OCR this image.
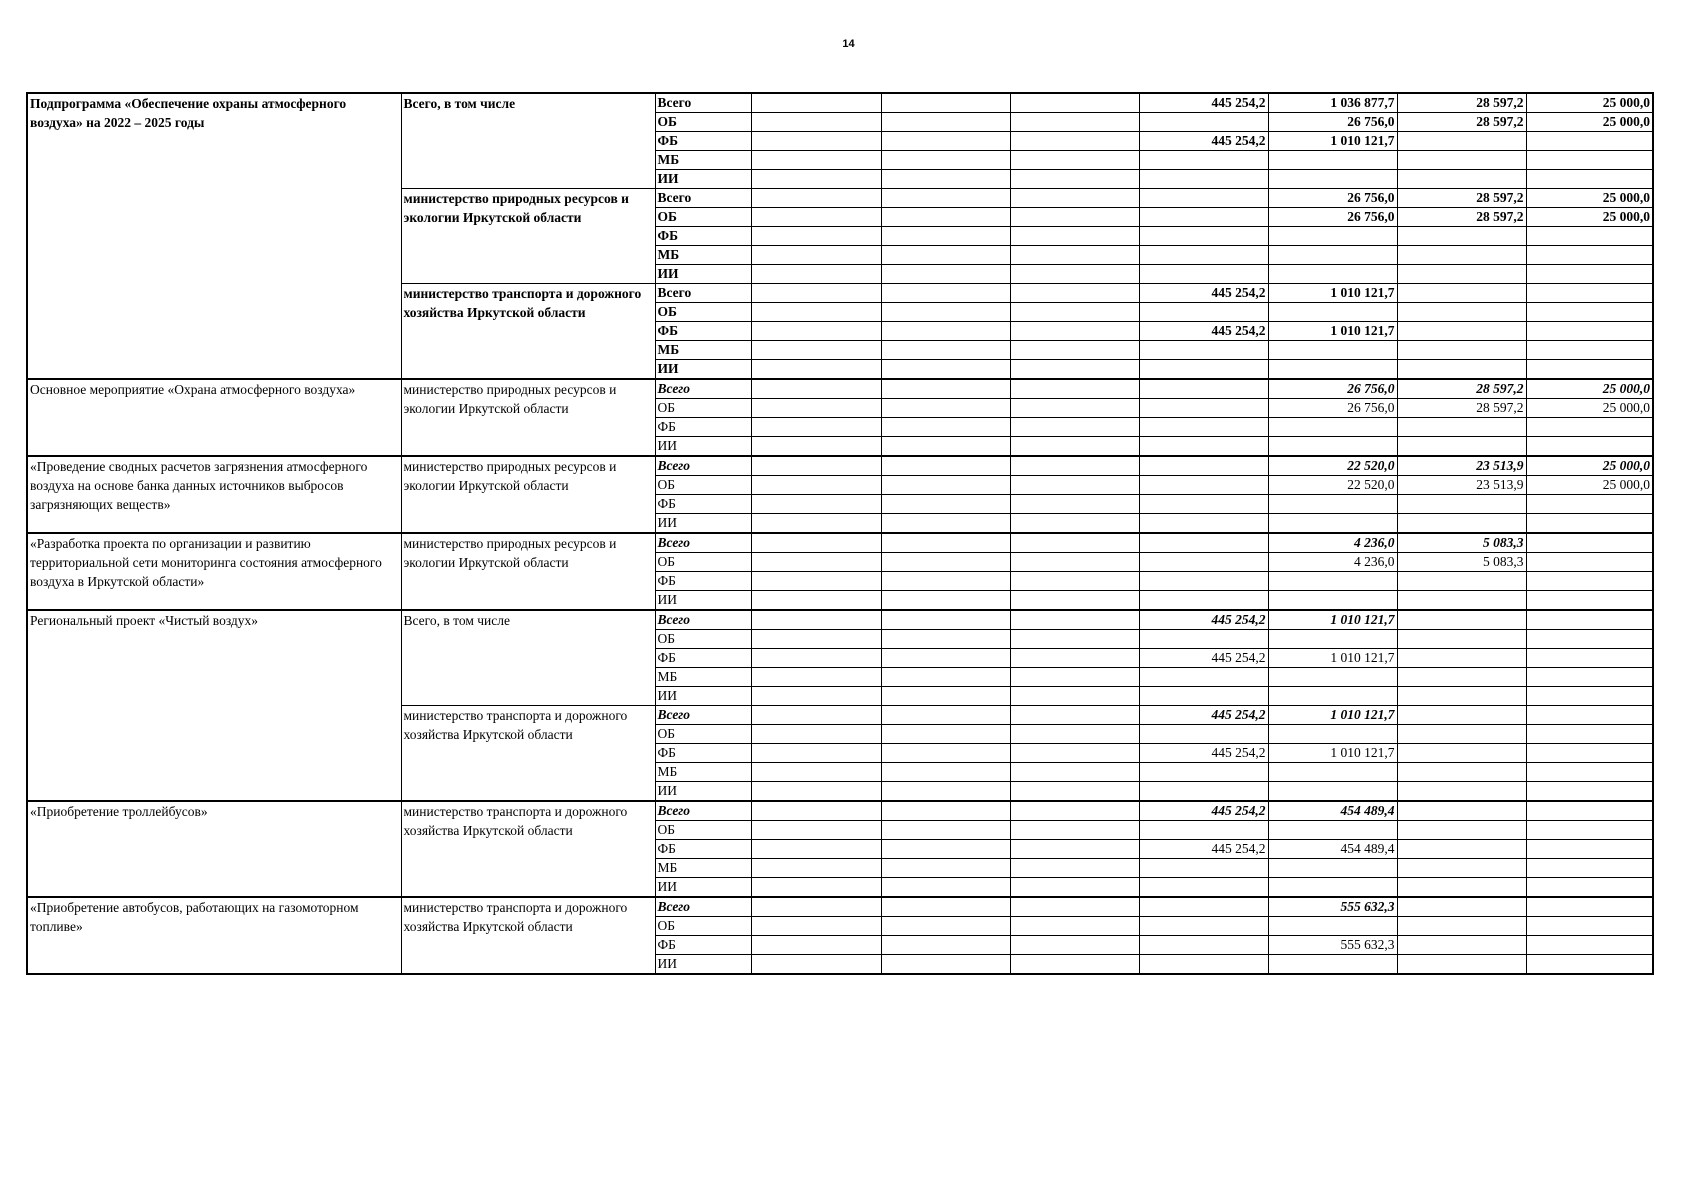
14
Подпрограмма «Обеспечение охраны атмосферного воздуха» на 2022 – 2025 годы	Всего, в том числе	Всего				445 254,2	1 036 877,7	28 597,2	25 000,0
		ОБ					26 756,0	28 597,2	25 000,0
		ФБ				445 254,2	1 010 121,7		
		МБ							
		ИИ							
	министерство природных ресурсов и экологии Иркутской области	Всего					26 756,0	28 597,2	25 000,0
		ОБ					26 756,0	28 597,2	25 000,0
		ФБ							
		МБ							
		ИИ							
	министерство транспорта и дорожного хозяйства Иркутской области	Всего				445 254,2	1 010 121,7		
		ОБ							
		ФБ				445 254,2	1 010 121,7		
		МБ							
		ИИ							
Основное мероприятие «Охрана атмосферного воздуха»	министерство природных ресурсов и экологии Иркутской области	Всего					26 756,0	28 597,2	25 000,0
		ОБ					26 756,0	28 597,2	25 000,0
		ФБ							
		ИИ							
«Проведение сводных расчетов загрязнения атмосферного воздуха на основе банка данных источников выбросов загрязняющих веществ»	министерство природных ресурсов и экологии Иркутской области	Всего					22 520,0	23 513,9	25 000,0
		ОБ					22 520,0	23 513,9	25 000,0
		ФБ							
		ИИ							
«Разработка проекта по организации и развитию территориальной сети мониторинга состояния атмосферного воздуха в Иркутской области»	министерство природных ресурсов и экологии Иркутской области	Всего					4 236,0	5 083,3	
		ОБ					4 236,0	5 083,3	
		ФБ							
		ИИ							
Региональный проект «Чистый воздух»	Всего, в том числе	Всего				445 254,2	1 010 121,7		
		ОБ							
		ФБ				445 254,2	1 010 121,7		
		МБ							
		ИИ							
	министерство транспорта и дорожного хозяйства Иркутской области	Всего				445 254,2	1 010 121,7		
		ОБ							
		ФБ				445 254,2	1 010 121,7		
		МБ							
		ИИ							
«Приобретение троллейбусов»	министерство транспорта и дорожного хозяйства Иркутской области	Всего				445 254,2	454 489,4		
		ОБ							
		ФБ				445 254,2	454 489,4		
		МБ							
		ИИ							
«Приобретение автобусов, работающих на газомоторном топливе»	министерство транспорта и дорожного хозяйства Иркутской области	Всего					555 632,3		
		ОБ							
		ФБ					555 632,3		
		ИИ							
